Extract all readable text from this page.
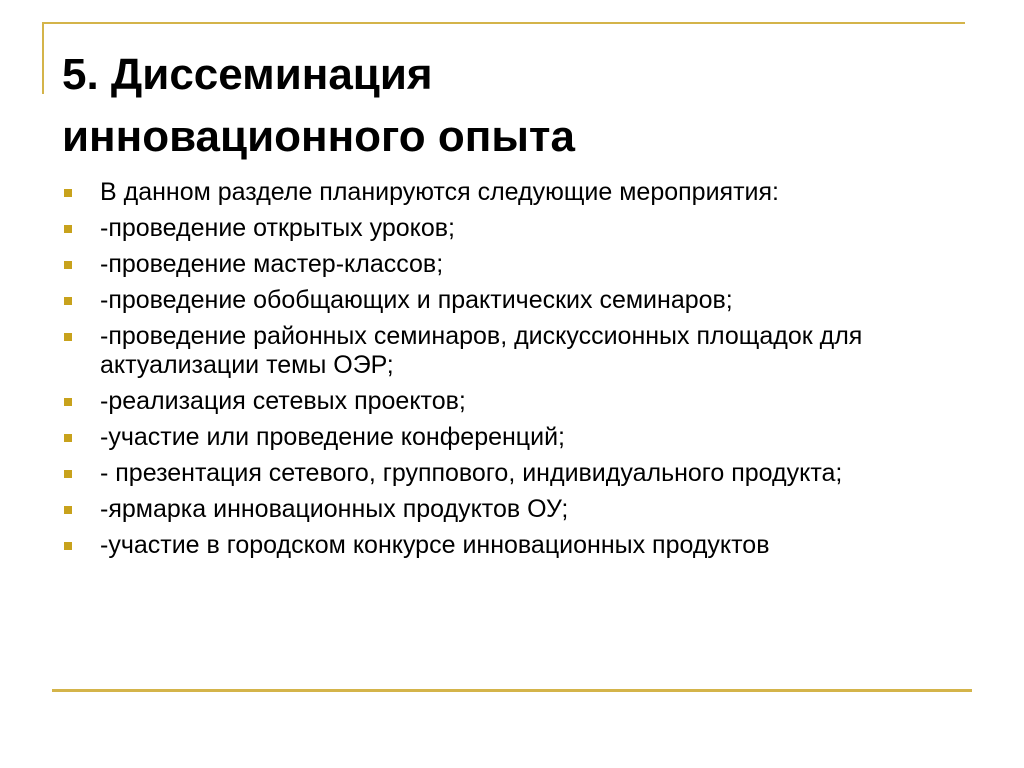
5. Диссеминация
инновационного опыта
В данном разделе планируются следующие мероприятия:
-проведение открытых уроков;
-проведение мастер-классов;
-проведение обобщающих и практических семинаров;
-проведение районных семинаров, дискуссионных площадок для актуализации темы ОЭР;
-реализация сетевых проектов;
-участие или проведение конференций;
- презентация сетевого, группового, индивидуального продукта;
-ярмарка инновационных продуктов ОУ;
-участие в городском конкурсе инновационных продуктов
